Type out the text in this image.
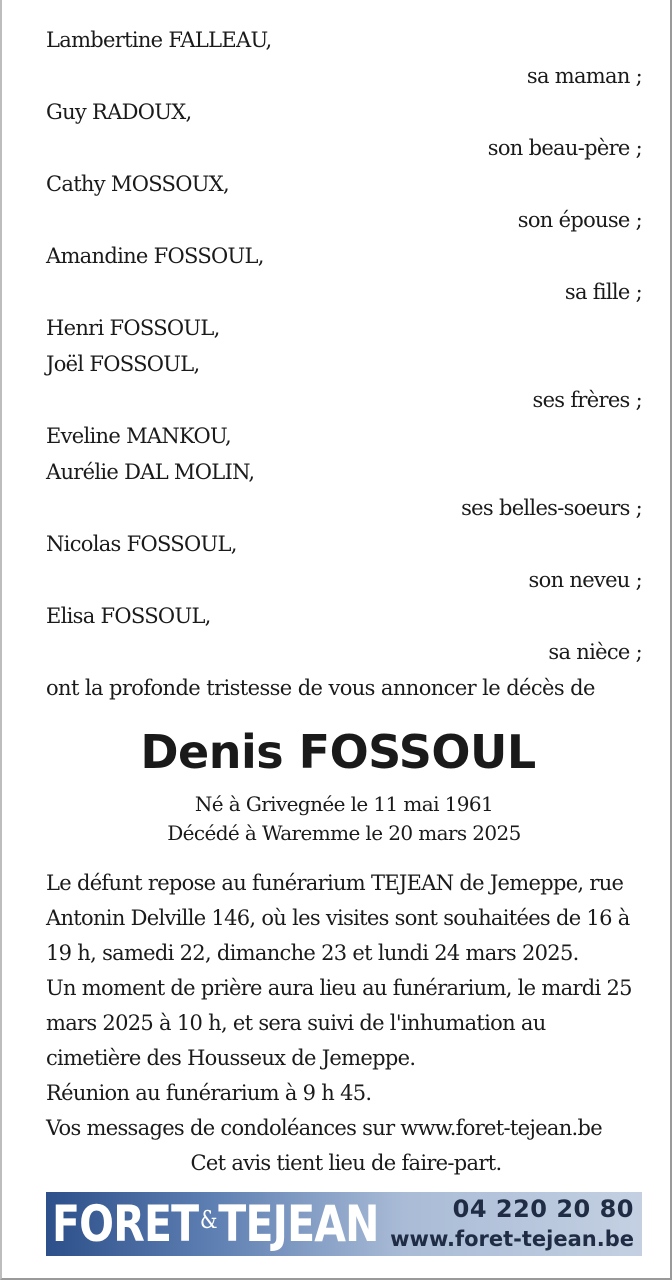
Lambertine FALLEAU,
sa maman ;
Guy RADOUX,
son beau-père ;
Cathy MOSSOUX,
son épouse ;
Amandine FOSSOUL,
sa fille ;
Henri FOSSOUL,
Joël FOSSOUL,
ses frères ;
Eveline MANKOU,
Aurélie DAL MOLIN,
ses belles-soeurs ;
Nicolas FOSSOUL,
son neveu ;
Elisa FOSSOUL,
sa nièce ;
ont la profonde tristesse de vous annoncer le décès de
Denis FOSSOUL
Né à Grivegnée le 11 mai 1961
Décédé à Waremme le 20 mars 2025
Le défunt repose au funérarium TEJEAN de Jemeppe, rue
Antonin Delville 146, où les visites sont souhaitées de 16 à
19 h, samedi 22, dimanche 23 et lundi 24 mars 2025.
Un moment de prière aura lieu au funérarium, le mardi 25
mars 2025 à 10 h, et sera suivi de l'inhumation au
cimetière des Housseux de Jemeppe.
Réunion au funérarium à 9 h 45.
Vos messages de condoléances sur www.foret-tejean.be
Cet avis tient lieu de faire-part.
FORET & TEJEAN	04 220 20 80
www.foret-tejean.be
